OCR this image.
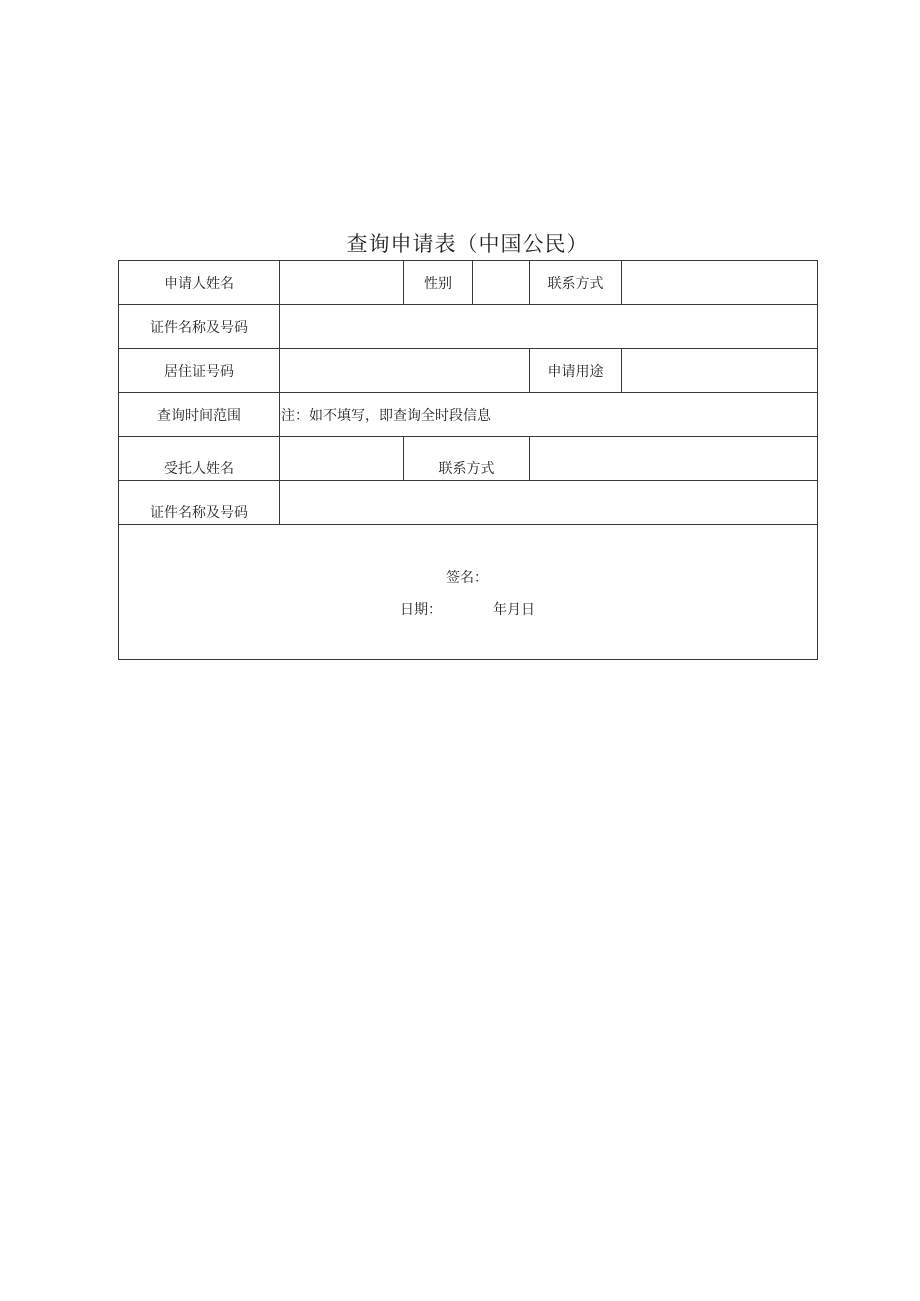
查询申请表（中国公民）
申请人姓名	性别	联系方式
证件名称及号码
居住证号码	申请用途
查询时间范围	注：如不填写，即查询全时段信息
受托人姓名	联系方式
证件名称及号码
签名：
日期：	年月日
